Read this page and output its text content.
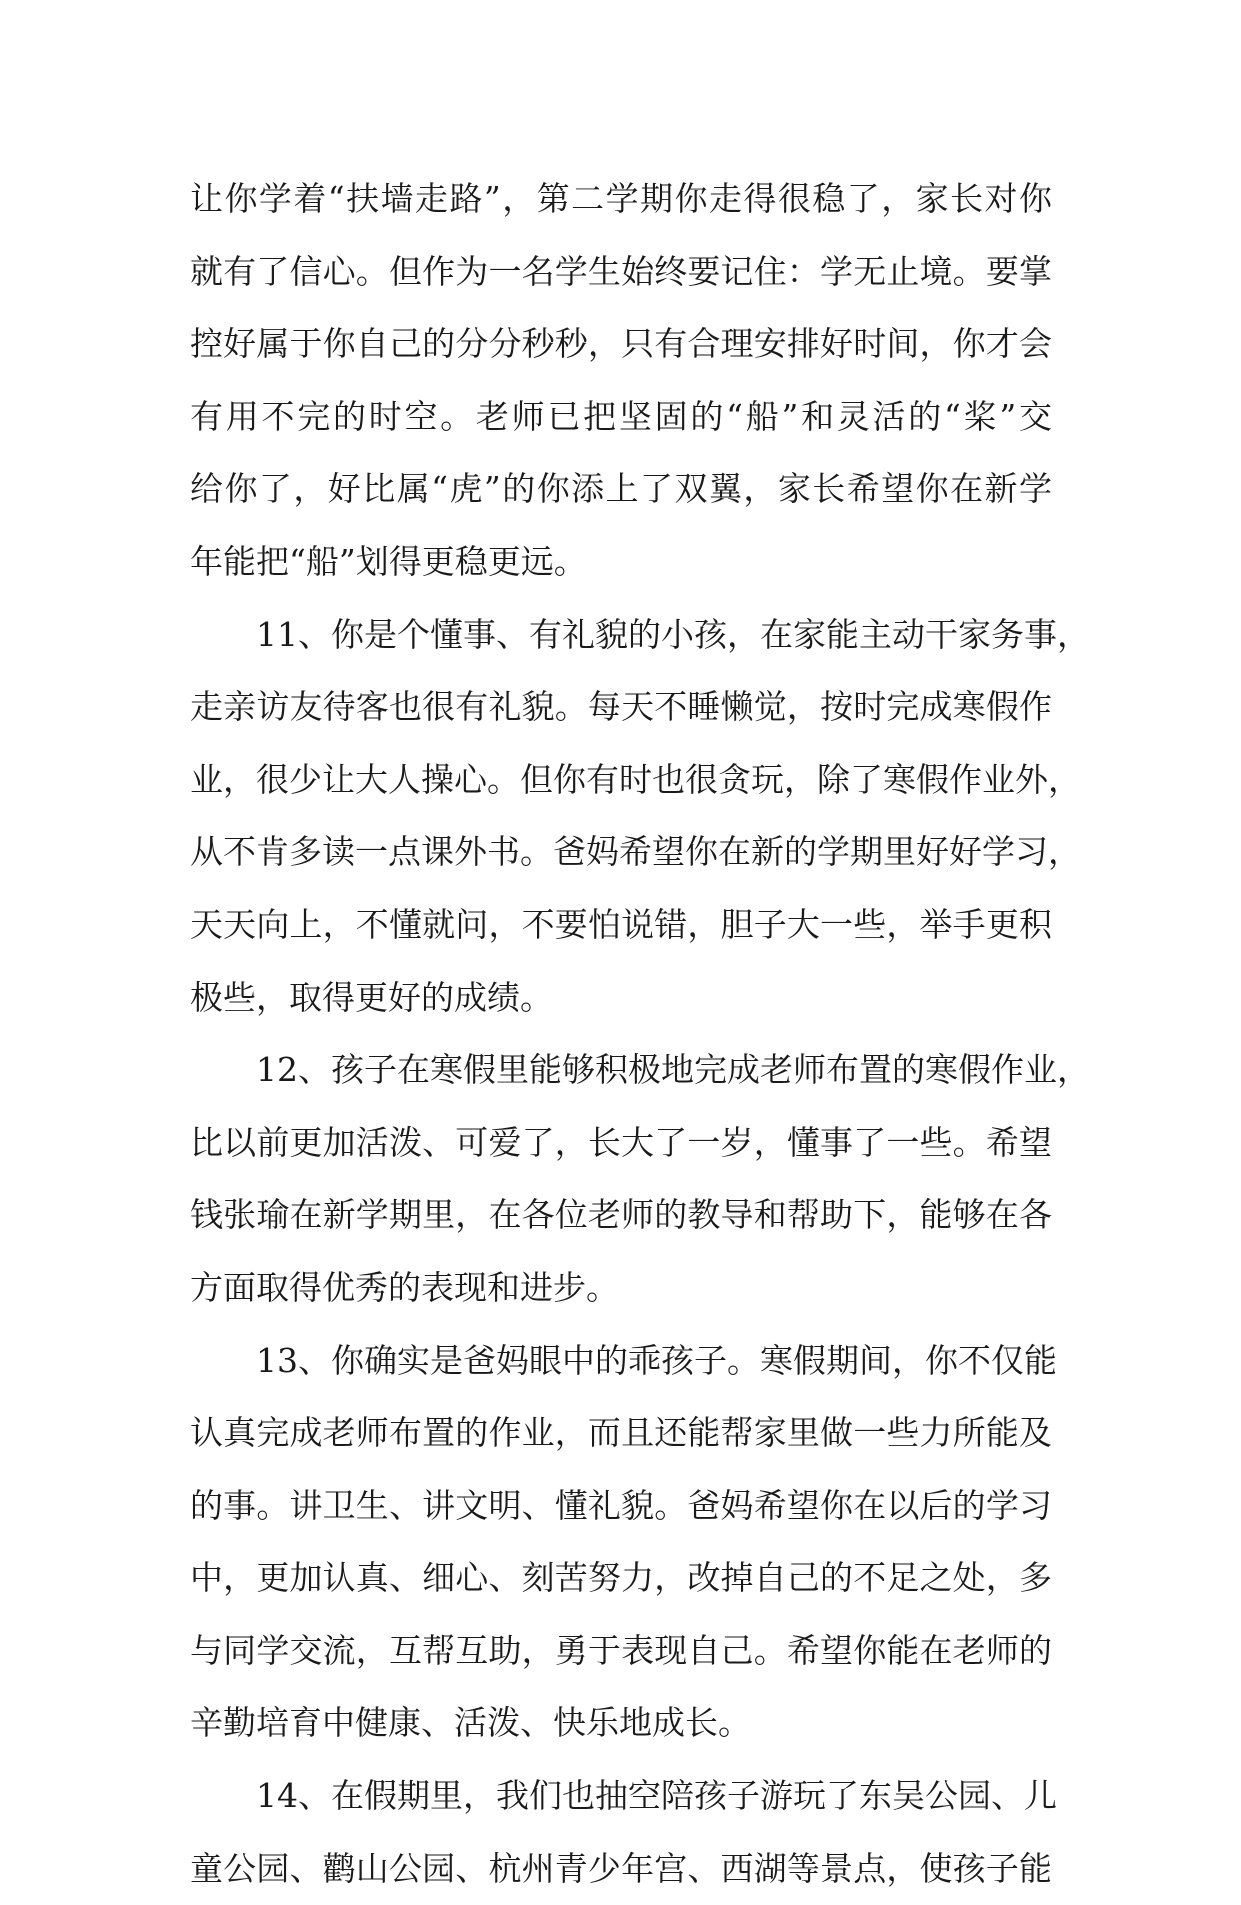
让你学着“扶墙走路”，第二学期你走得很稳了，家长对你
就有了信心。但作为一名学生始终要记住：学无止境。要掌
控好属于你自己的分分秒秒，只有合理安排好时间，你才会
有用不完的时空。老师已把坚固的“船”和灵活的“桨”交
给你了，好比属“虎”的你添上了双翼，家长希望你在新学
年能把“船”划得更稳更远。
　　11、你是个懂事、有礼貌的小孩，在家能主动干家务事，
走亲访友待客也很有礼貌。每天不睡懒觉，按时完成寒假作
业，很少让大人操心。但你有时也很贪玩，除了寒假作业外，
从不肯多读一点课外书。爸妈希望你在新的学期里好好学习，
天天向上，不懂就问，不要怕说错，胆子大一些，举手更积
极些，取得更好的成绩。
　　12、孩子在寒假里能够积极地完成老师布置的寒假作业，
比以前更加活泼、可爱了，长大了一岁，懂事了一些。希望
钱张瑜在新学期里，在各位老师的教导和帮助下，能够在各
方面取得优秀的表现和进步。
　　13、你确实是爸妈眼中的乖孩子。寒假期间，你不仅能
认真完成老师布置的作业，而且还能帮家里做一些力所能及
的事。讲卫生、讲文明、懂礼貌。爸妈希望你在以后的学习
中，更加认真、细心、刻苦努力，改掉自己的不足之处，多
与同学交流，互帮互助，勇于表现自己。希望你能在老师的
辛勤培育中健康、活泼、快乐地成长。
　　14、在假期里，我们也抽空陪孩子游玩了东吴公园、儿
童公园、鹳山公园、杭州青少年宫、西湖等景点，使孩子能
